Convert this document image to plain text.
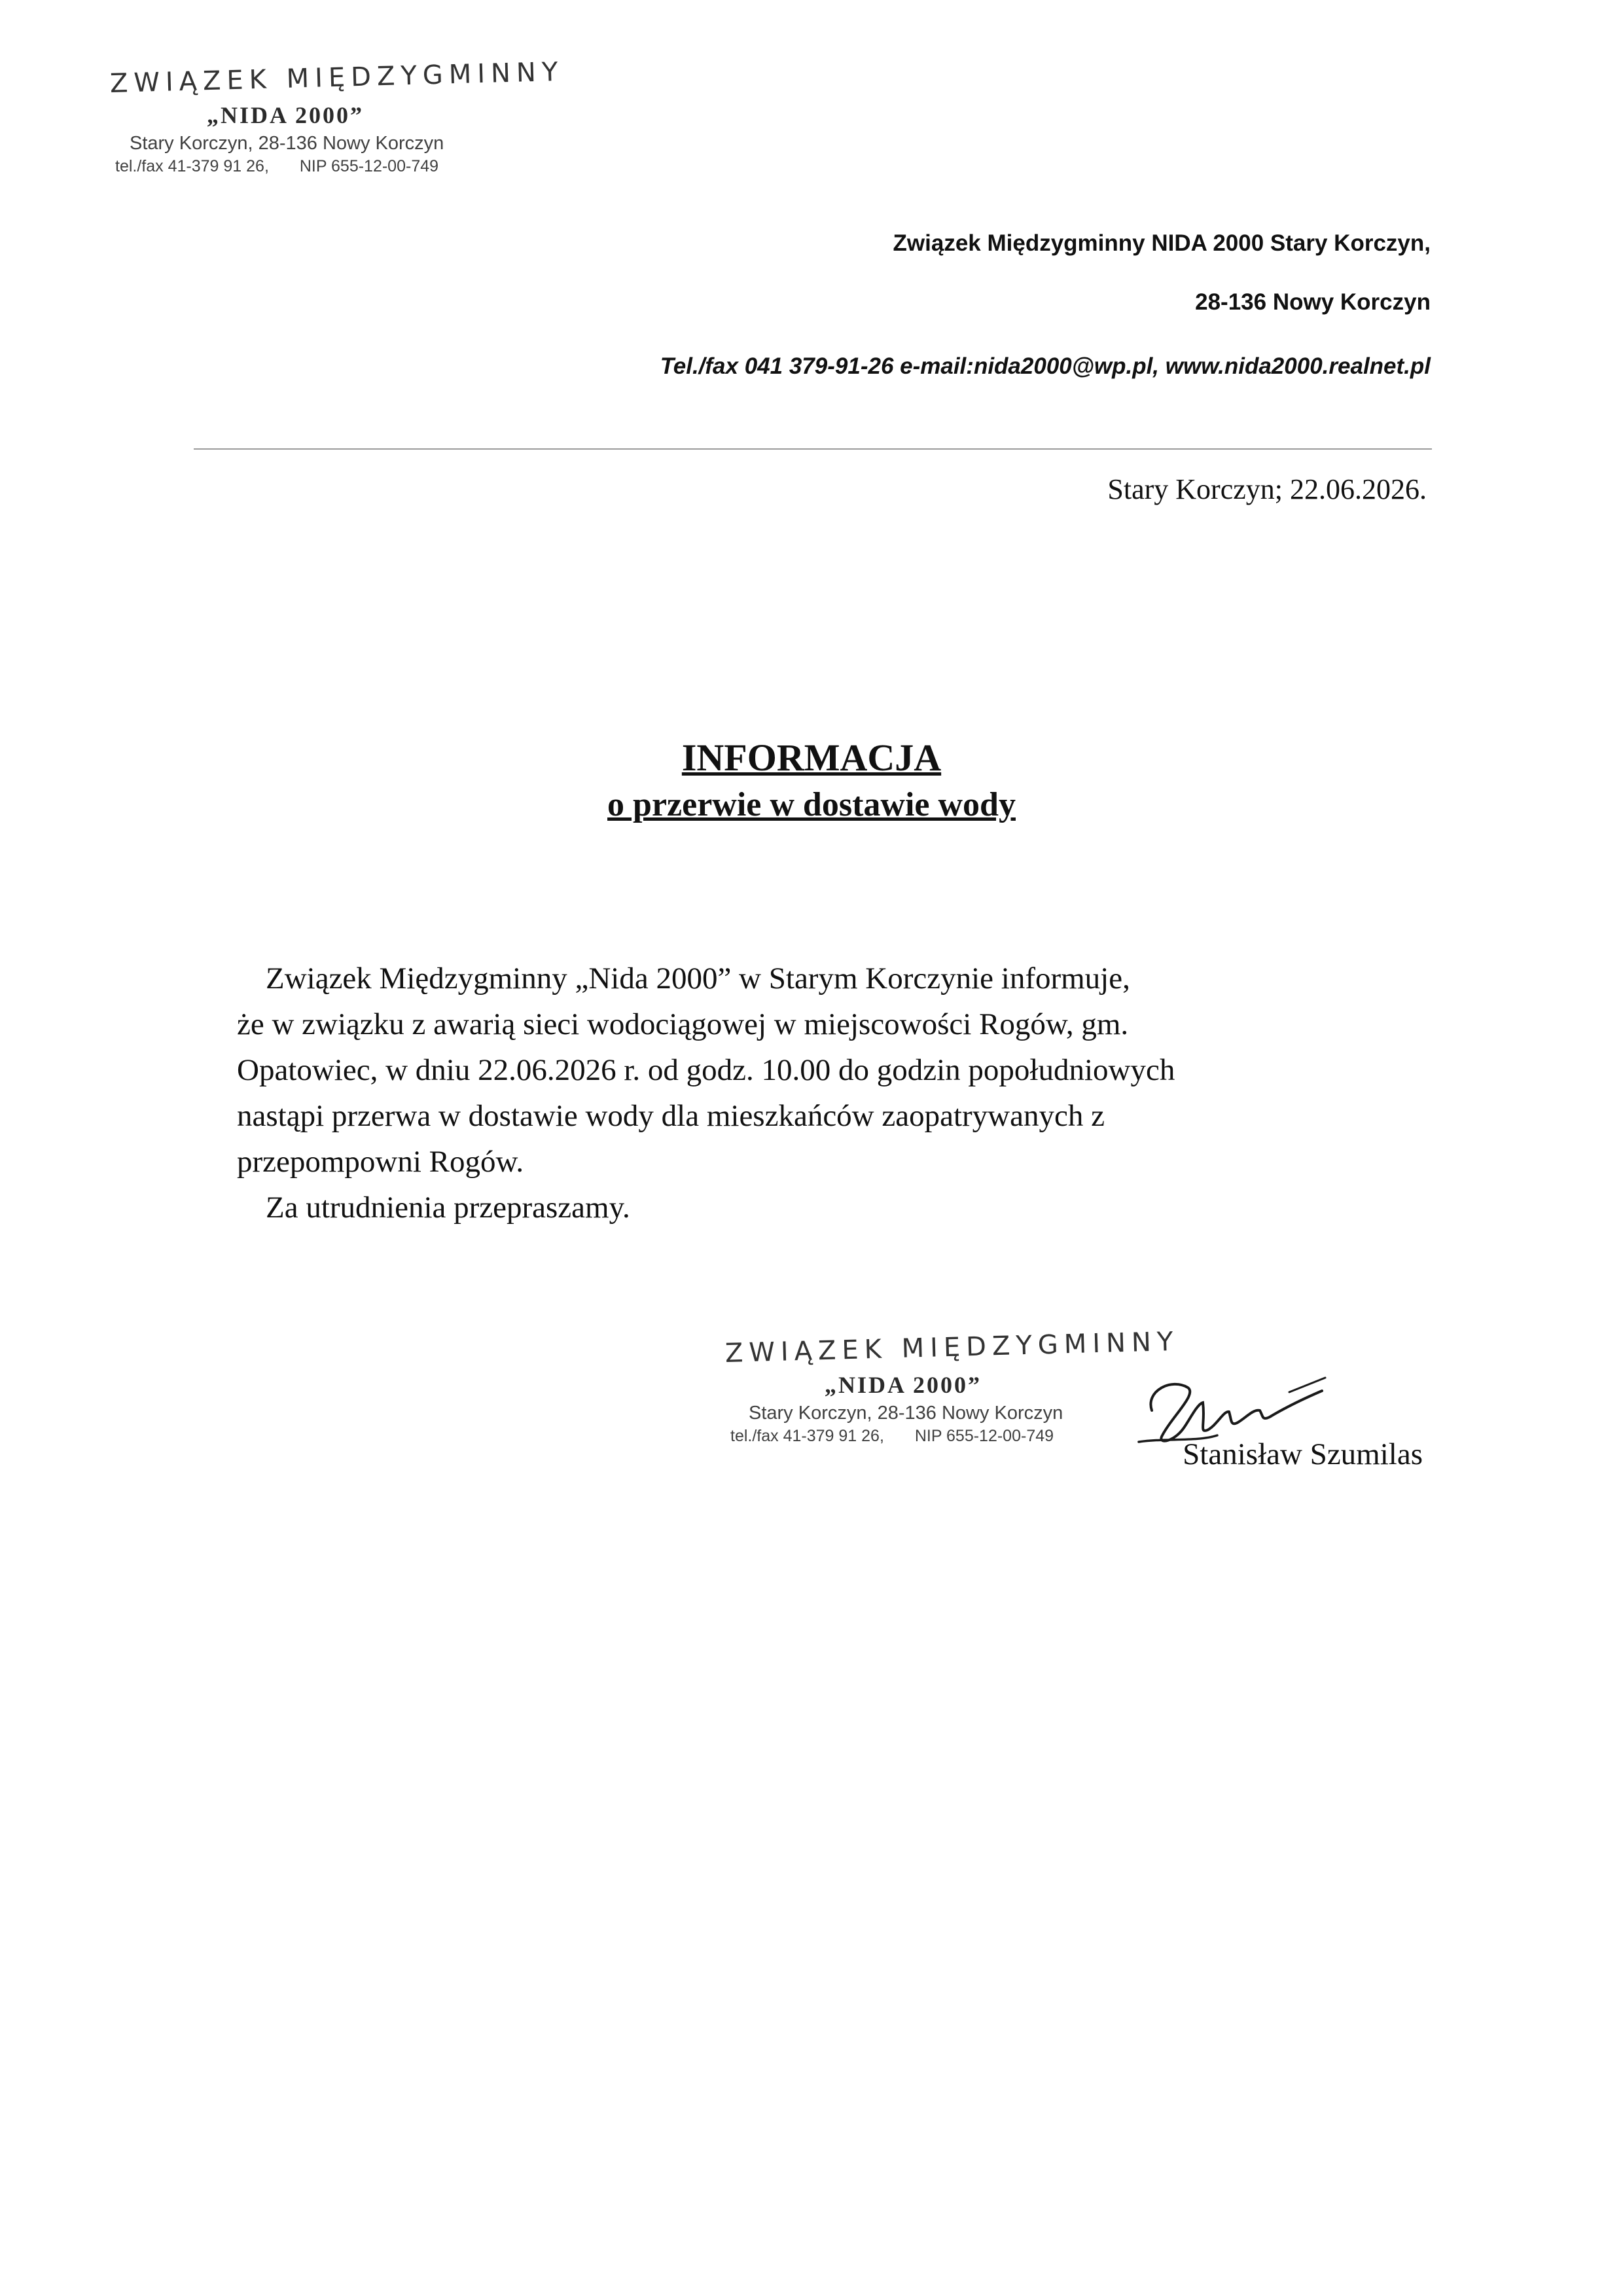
ZWIĄZEK MIĘDZYGMINNY
„NIDA 2000”
Stary Korczyn, 28-136 Nowy Korczyn
tel./fax 41-379 91 26, NIP 655-12-00-749
Związek Międzygminny NIDA 2000 Stary Korczyn,
28-136 Nowy Korczyn
Tel./fax 041 379-91-26 e-mail:nida2000@wp.pl, www.nida2000.realnet.pl
Stary Korczyn; 22.06.2026.
INFORMACJA
o przerwie w dostawie wody

Związek Międzygminny „Nida 2000” w Starym Korczynie informuje,

że w związku z awarią sieci wodociągowej w miejscowości Rogów, gm.

Opatowiec, w dniu 22.06.2026 r. od godz. 10.00 do godzin popołudniowych

nastąpi przerwa w dostawie wody dla mieszkańców zaopatrywanych z

przepompowni Rogów.

Za utrudnienia przepraszamy.

ZWIĄZEK MIĘDZYGMINNY
„NIDA 2000”
Stary Korczyn, 28-136 Nowy Korczyn
tel./fax 41-379 91 26, NIP 655-12-00-749
Stanisław Szumilas
